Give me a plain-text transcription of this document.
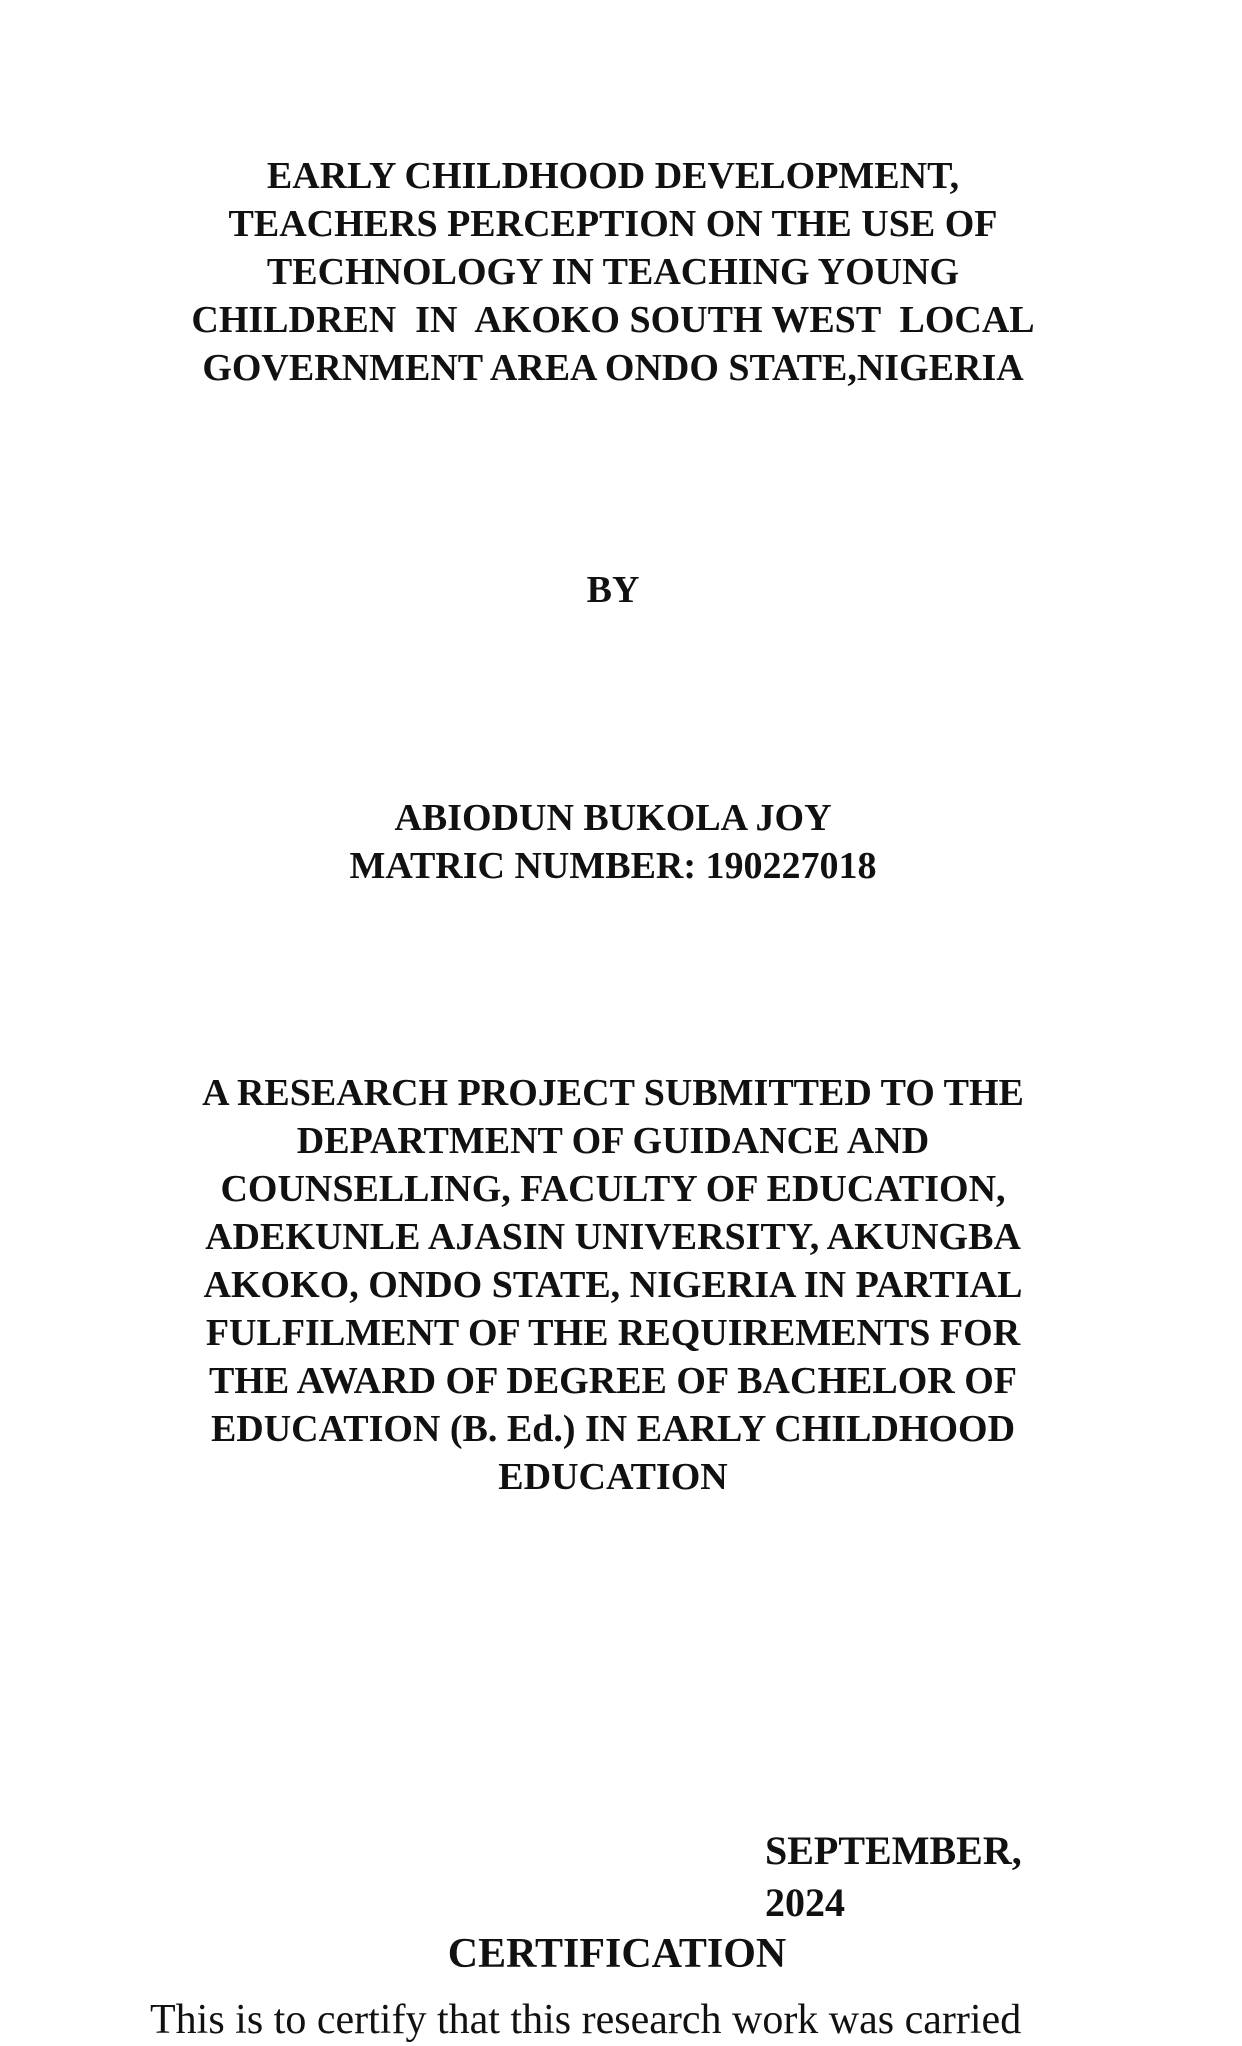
EARLY CHILDHOOD DEVELOPMENT,
TEACHERS PERCEPTION ON THE USE OF
TECHNOLOGY IN TEACHING YOUNG
CHILDREN  IN  AKOKO SOUTH WEST  LOCAL
GOVERNMENT AREA ONDO STATE,NIGERIA
BY
ABIODUN BUKOLA JOY
MATRIC NUMBER: 190227018
A RESEARCH PROJECT SUBMITTED TO THE
DEPARTMENT OF GUIDANCE AND
COUNSELLING, FACULTY OF EDUCATION,
ADEKUNLE AJASIN UNIVERSITY, AKUNGBA
AKOKO, ONDO STATE, NIGERIA IN PARTIAL
FULFILMENT OF THE REQUIREMENTS FOR
THE AWARD OF DEGREE OF BACHELOR OF
EDUCATION (B. Ed.) IN EARLY CHILDHOOD
EDUCATION
SEPTEMBER,
2024
CERTIFICATION
This is to certify that this research work was carried
